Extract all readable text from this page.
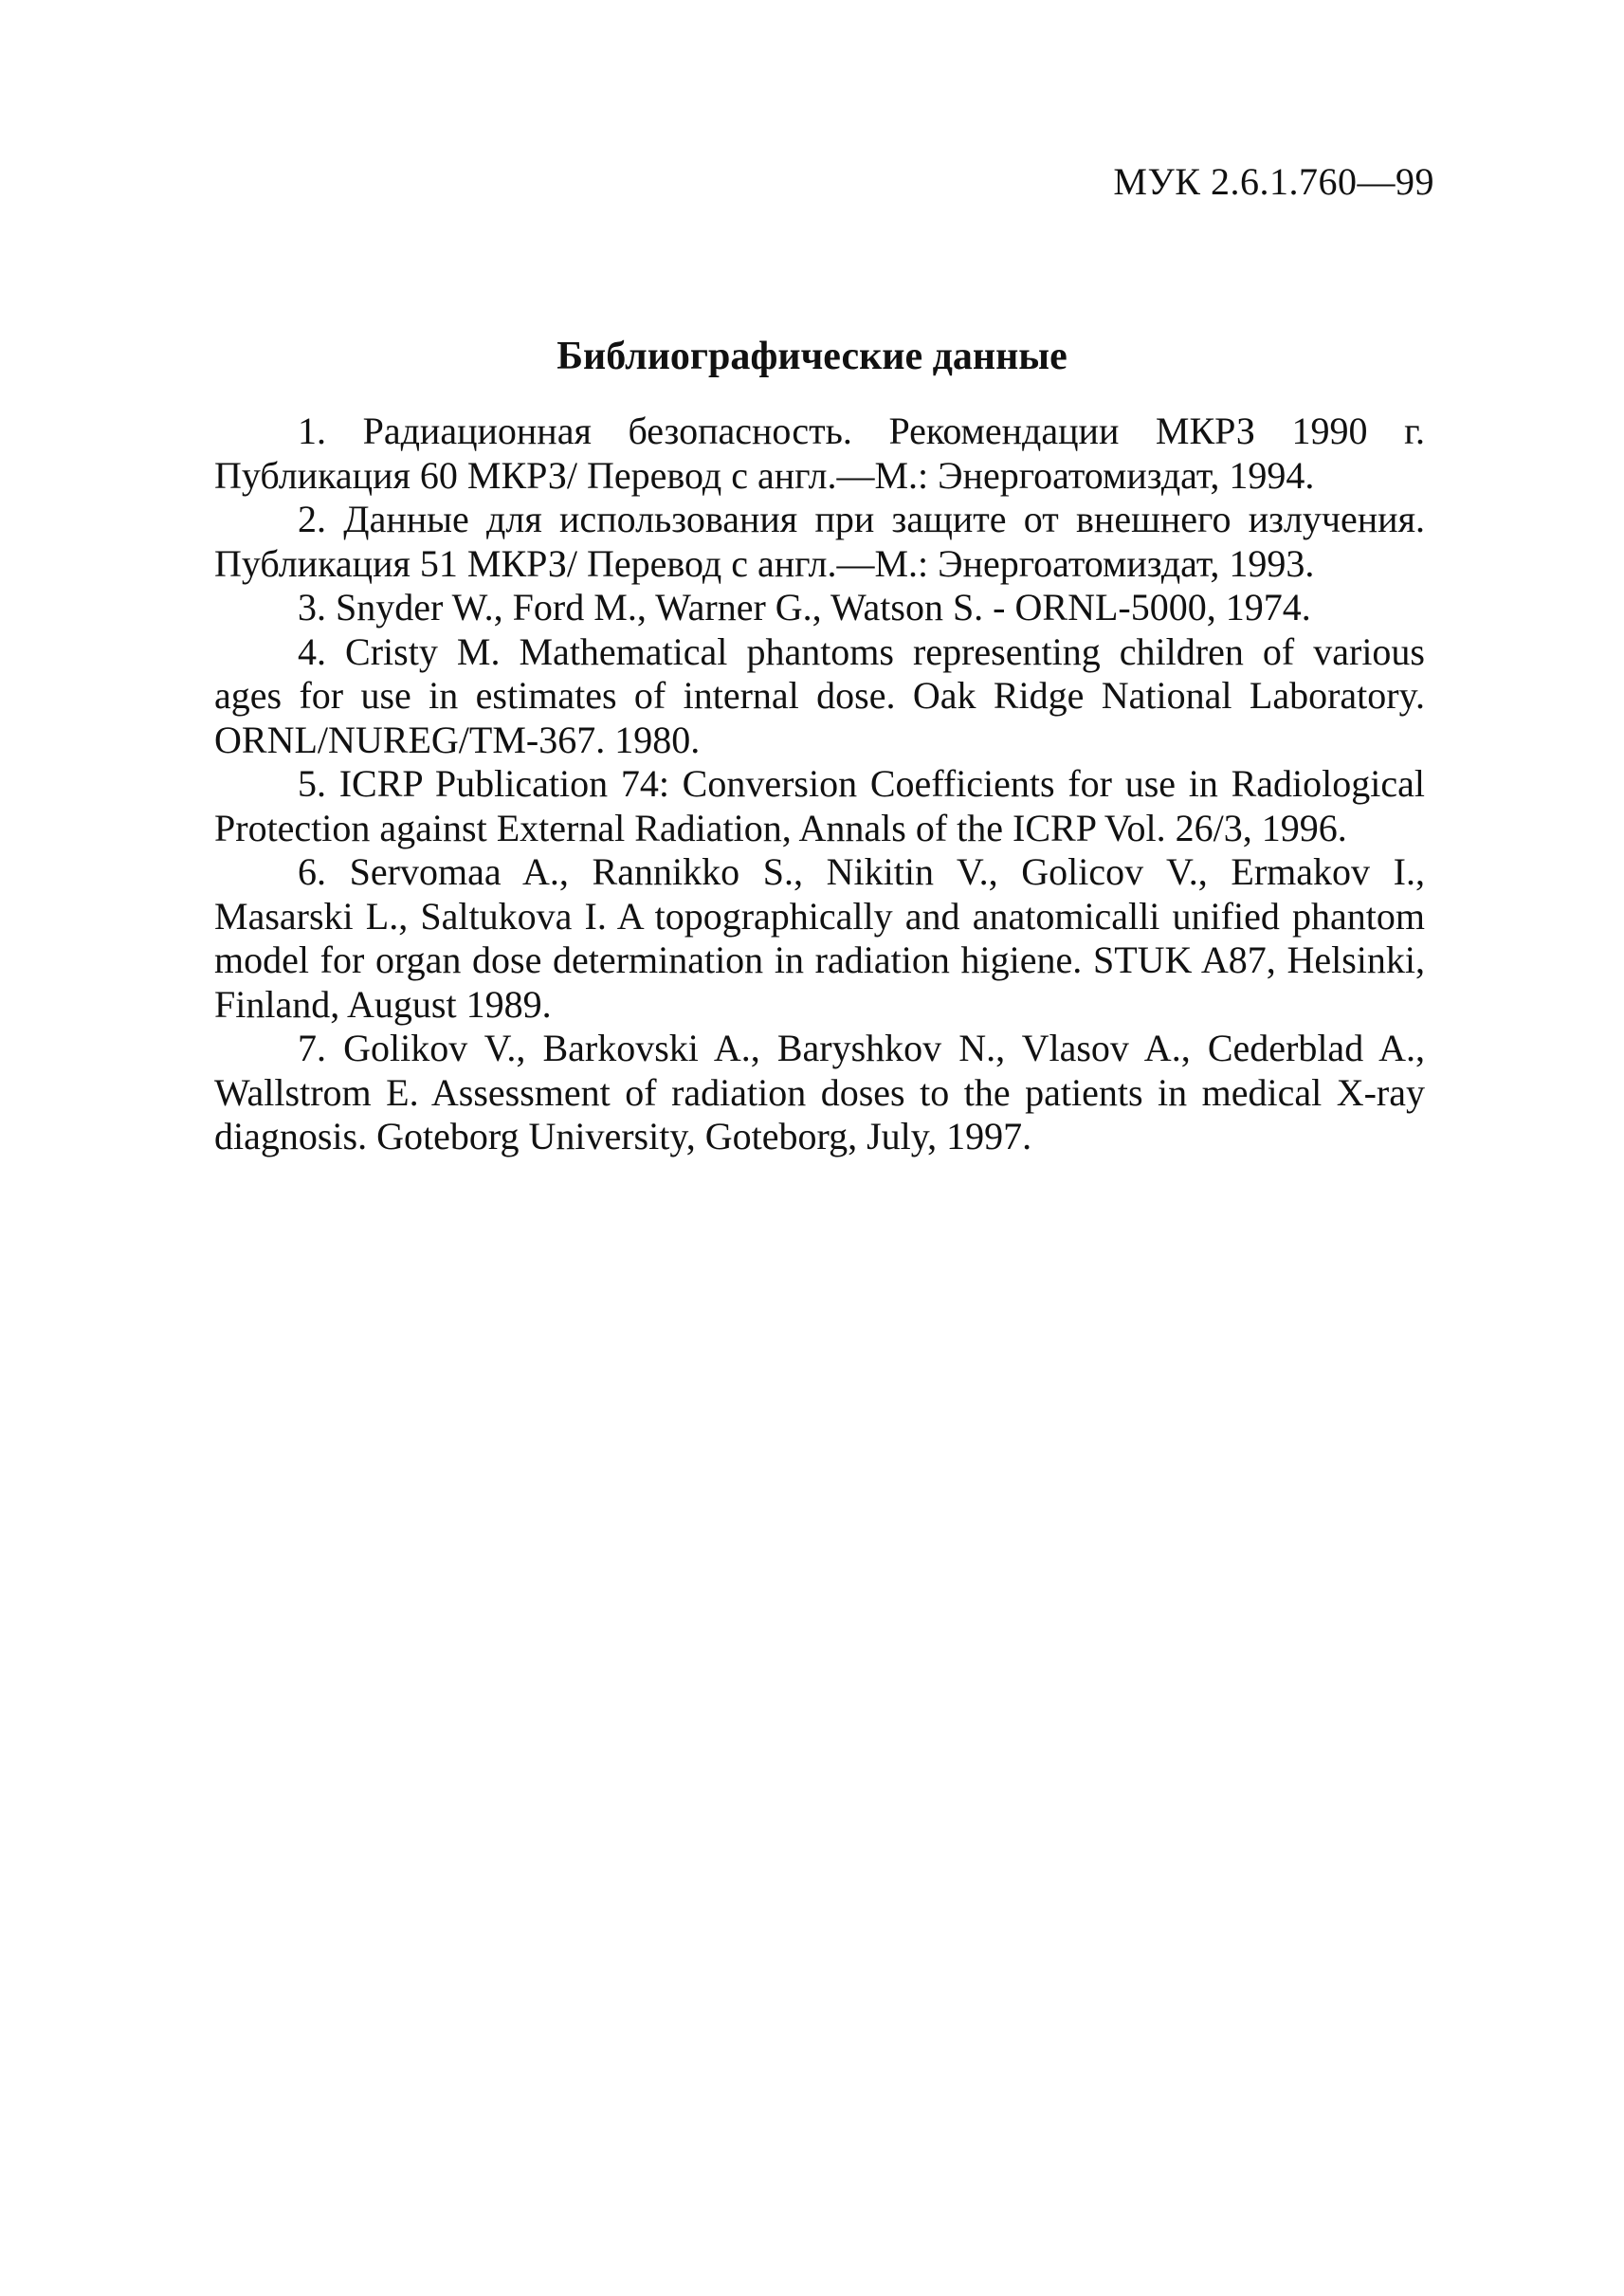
МУК 2.6.1.760—99
Библиографические данные
1. Радиационная безопасность. Рекомендации МКРЗ 1990 г. Публикация 60 МКРЗ/ Перевод с англ.—М.: Энергоатомиздат, 1994.
2. Данные для использования при защите от внешнего излучения. Публикация 51 МКРЗ/ Перевод с англ.—М.: Энергоатомиздат, 1993.
3. Snyder W., Ford M., Warner G., Watson S. - ORNL-5000, 1974.
4. Cristy M. Mathematical phantoms representing children of various ages for use in estimates of internal dose. Oak Ridge National Laboratory. ORNL/NUREG/TM-367. 1980.
5. ICRP Publication 74: Conversion Coefficients for use in Radiological Protection against External Radiation, Annals of the ICRP Vol. 26/3, 1996.
6. Servomaa A., Rannikko S., Nikitin V., Golicov V., Ermakov I., Masarski L., Saltukova I. A topographically and anatomicalli unified phantom model for organ dose determination in radiation higiene. STUK A87, Helsinki, Finland, August 1989.
7. Golikov V., Barkovski A., Baryshkov N., Vlasov A., Cederblad A., Wallstrom E. Assessment of radiation doses to the patients in medical X-ray diagnosis. Goteborg University, Goteborg, July, 1997.
